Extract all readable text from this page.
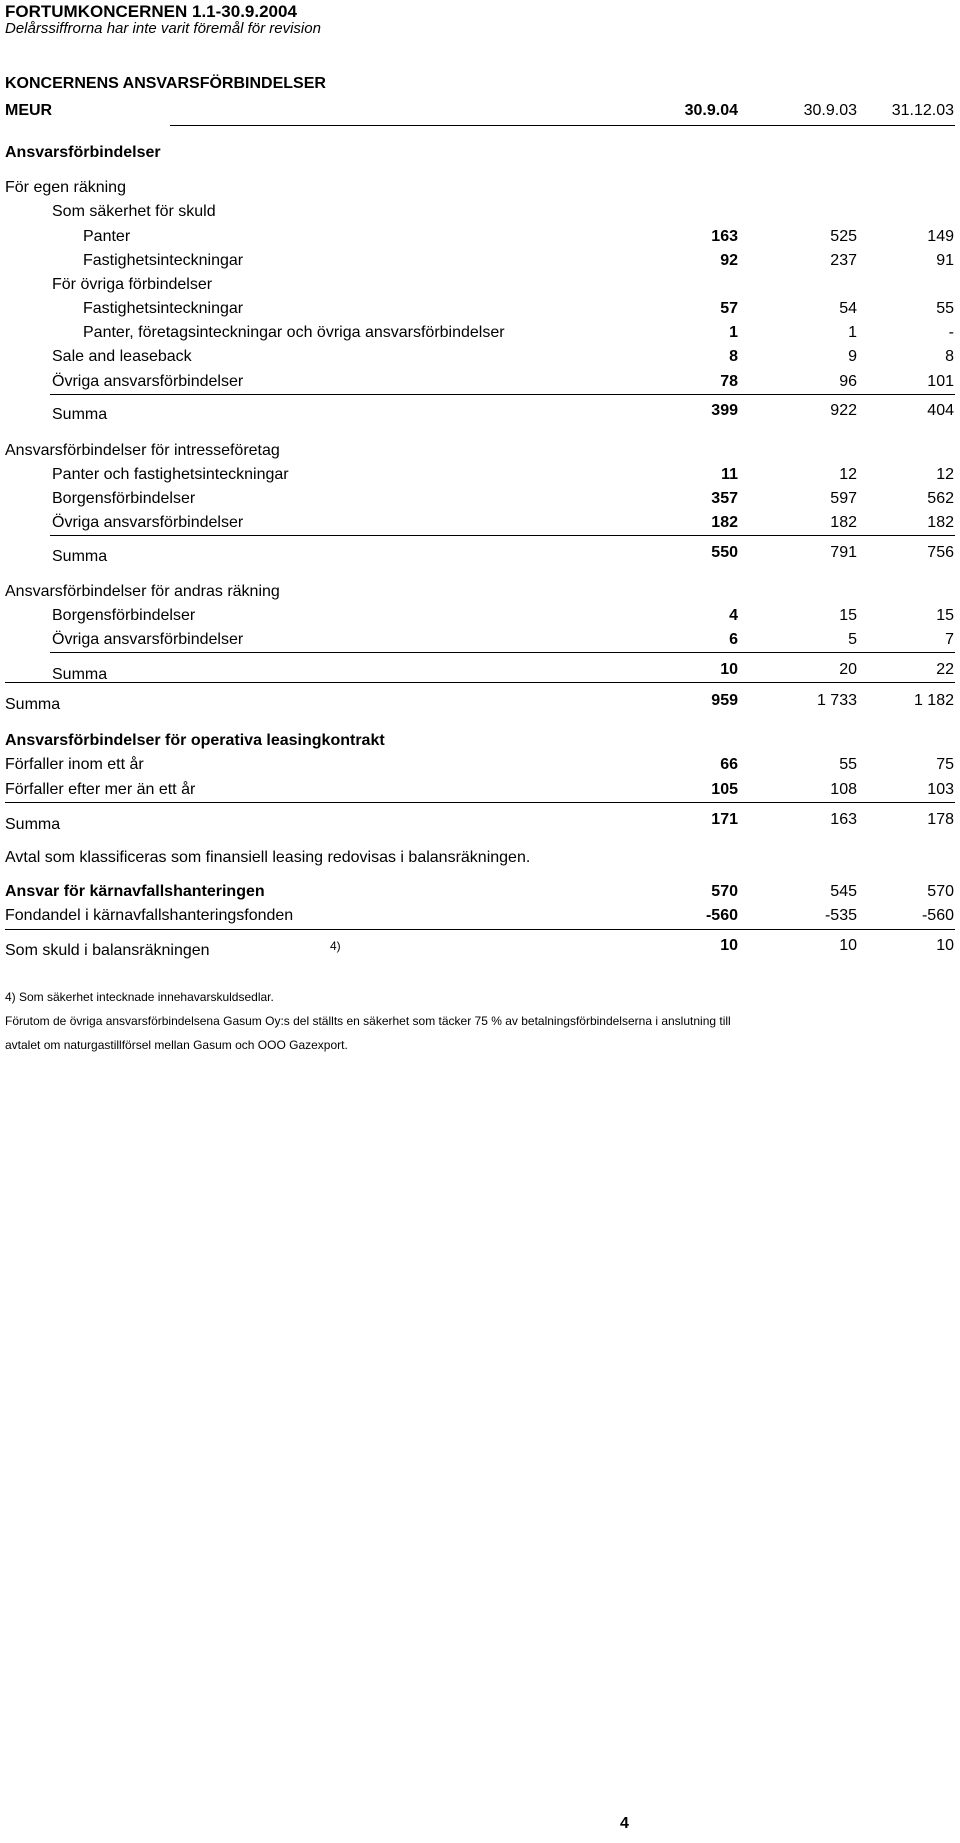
FORTUMKONCERNEN 1.1-30.9.2004
Delårssiffrorna har inte varit föremål för revision
KONCERNENS ANSVARSFÖRBINDELSER
MEUR	30.9.04	30.9.03 31.12.03
Ansvarsförbindelser
För egen räkning
Som säkerhet för skuld
Panter	163	525	149
Fastighetsinteckningar	92	237	91
För övriga förbindelser
Fastighetsinteckningar	57	54	55
Panter, företagsinteckningar och övriga ansvarsförbindelser	1	1	-
Sale and leaseback	8	9	8
Övriga ansvarsförbindelser	78	96	101
Summa	399	922	404
Ansvarsförbindelser för intresseföretag
Panter och fastighetsinteckningar	11	12	12
Borgensförbindelser	357	597	562
Övriga ansvarsförbindelser	182	182	182
Summa	550	791	756
Ansvarsförbindelser för andras räkning
Borgensförbindelser	4	15	15
Övriga ansvarsförbindelser	6	5	7
Summa	10	20	22
Summa	959	1 733	1 182
Ansvarsförbindelser för operativa leasingkontrakt
Förfaller inom ett år	66	55	75
Förfaller efter mer än ett år	105	108	103
Summa	171	163	178
Avtal som klassificeras som finansiell leasing redovisas i balansräkningen.
Ansvar för kärnavfallshanteringen	570	545	570
Fondandel i kärnavfallshanteringsfonden	-560	-535	-560
Som skuld i balansräkningen	4)	10	10	10
4) Som säkerhet intecknade innehavarskuldsedlar.
Förutom de övriga ansvarsförbindelsena Gasum Oy:s del ställts en säkerhet som täcker 75 % av betalningsförbindelserna i anslutning till
avtalet om naturgastillförsel mellan Gasum och OOO Gazexport.
4
